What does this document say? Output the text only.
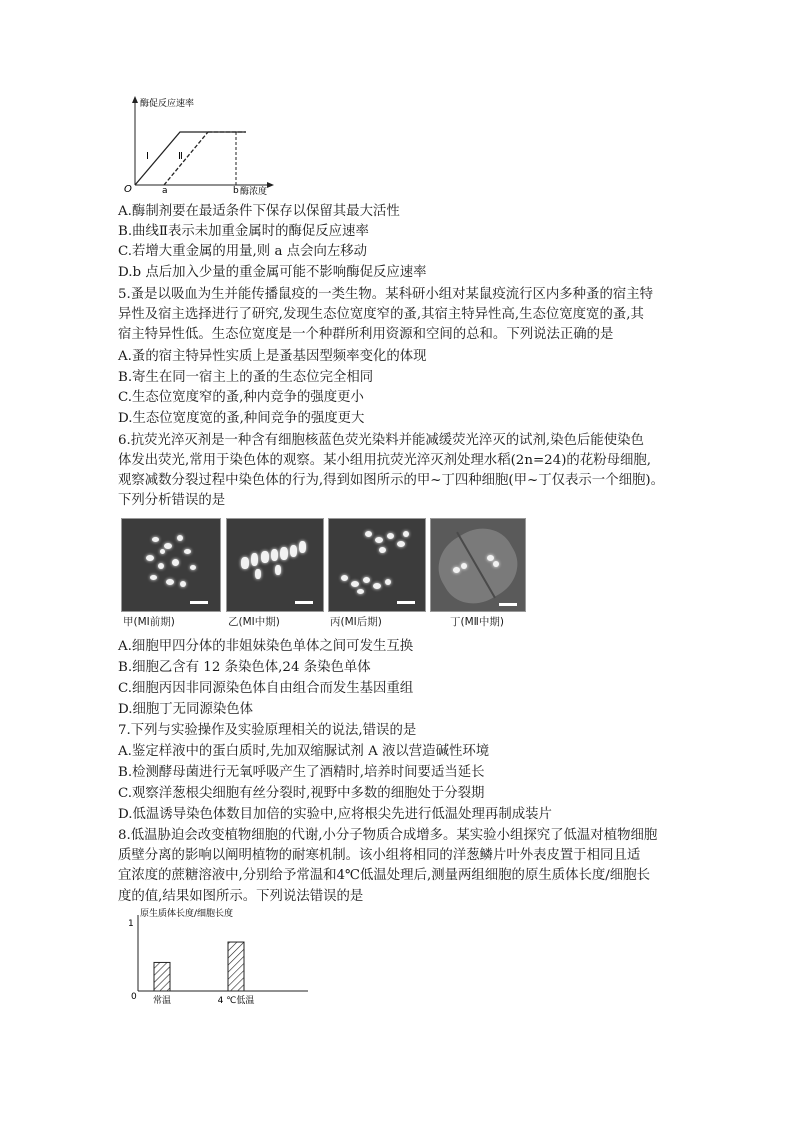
酶促反应速率
O	a	b 酶浓度
Ⅰ	Ⅱ
A.酶制剂要在最适条件下保存以保留其最大活性
B.曲线Ⅱ表示未加重金属时的酶促反应速率
C.若增大重金属的用量,则 a 点会向左移动
D.b 点后加入少量的重金属可能不影响酶促反应速率
5.蚤是以吸血为生并能传播鼠疫的一类生物。某科研小组对某鼠疫流行区内多种蚤的宿主特
异性及宿主选择进行了研究,发现生态位宽度窄的蚤,其宿主特异性高,生态位宽度宽的蚤,其
宿主特异性低。生态位宽度是一个种群所利用资源和空间的总和。下列说法正确的是
A.蚤的宿主特异性实质上是蚤基因型频率变化的体现
B.寄生在同一宿主上的蚤的生态位完全相同
C.生态位宽度窄的蚤,种内竞争的强度更小
D.生态位宽度宽的蚤,种间竞争的强度更大
6.抗荧光淬灭剂是一种含有细胞核蓝色荧光染料并能减缓荧光淬灭的试剂,染色后能使染色
体发出荧光,常用于染色体的观察。某小组用抗荧光淬灭剂处理水稻(2n=24)的花粉母细胞,
观察减数分裂过程中染色体的行为,得到如图所示的甲~丁四种细胞(甲~丁仅表示一个细胞)。
下列分析错误的是
甲(MⅠ前期)	乙(MⅠ中期)	丙(MⅠ后期)	丁(MⅡ中期)
A.细胞甲四分体的非姐妹染色单体之间可发生互换
B.细胞乙含有 12 条染色体,24 条染色单体
C.细胞丙因非同源染色体自由组合而发生基因重组
D.细胞丁无同源染色体
7.下列与实验操作及实验原理相关的说法,错误的是
A.鉴定样液中的蛋白质时,先加双缩脲试剂 A 液以营造碱性环境
B.检测酵母菌进行无氧呼吸产生了酒精时,培养时间要适当延长
C.观察洋葱根尖细胞有丝分裂时,视野中多数的细胞处于分裂期
D.低温诱导染色体数目加倍的实验中,应将根尖先进行低温处理再制成装片
8.低温胁迫会改变植物细胞的代谢,小分子物质合成增多。某实验小组探究了低温对植物细胞
质壁分离的影响以阐明植物的耐寒机制。该小组将相同的洋葱鳞片叶外表皮置于相同且适
宜浓度的蔗糖溶液中,分别给予常温和4℃低温处理后,测量两组细胞的原生质体长度/细胞长
度的值,结果如图所示。下列说法错误的是
原生质体长度/细胞长度
1
0 常温	4 ℃低温
